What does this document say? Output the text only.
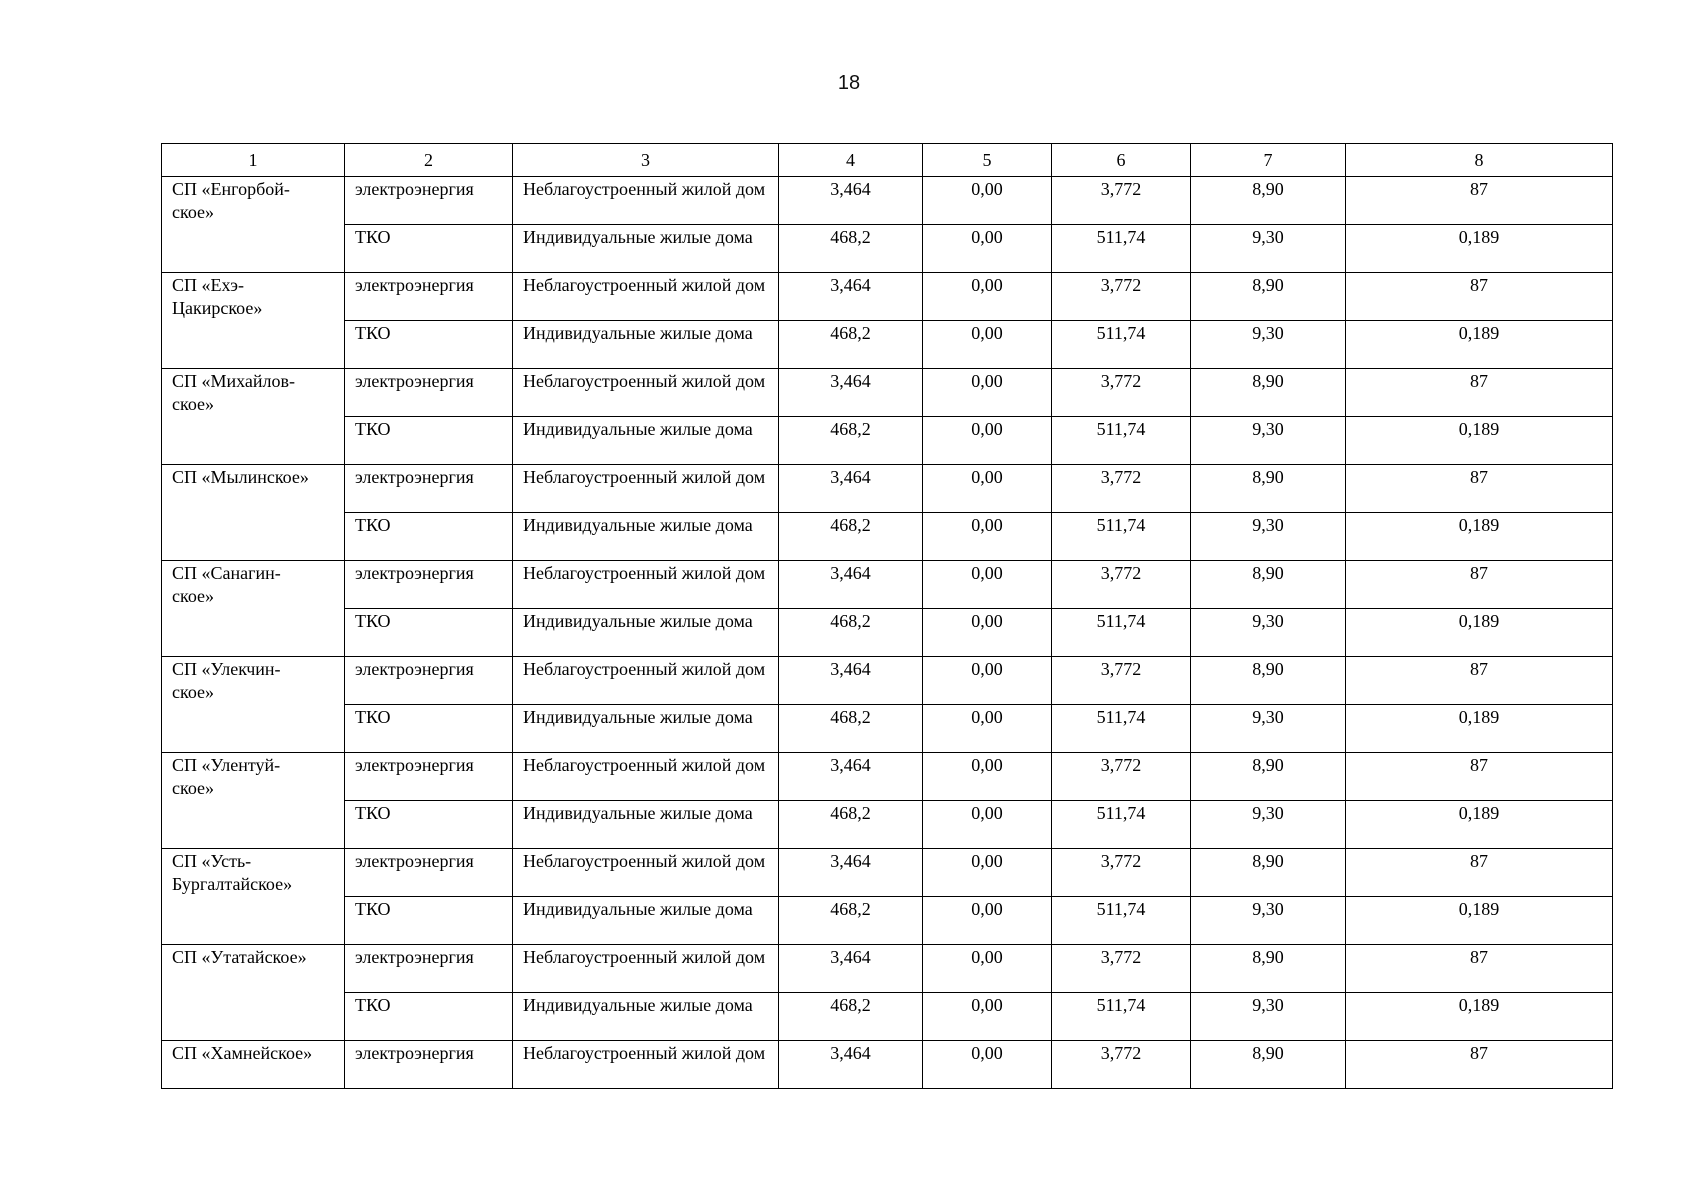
18
1	2	3	4	5	6	7	8
СП «Енгорбой-
ское»	электроэнергия	Неблагоустроенный жилой дом	3,464	0,00	3,772	8,90	87
	ТКО	Индивидуальные жилые дома	468,2	0,00	511,74	9,30	0,189
СП «Ехэ-
Цакирское»	электроэнергия	Неблагоустроенный жилой дом	3,464	0,00	3,772	8,90	87
	ТКО	Индивидуальные жилые дома	468,2	0,00	511,74	9,30	0,189
СП «Михайлов-
ское»	электроэнергия	Неблагоустроенный жилой дом	3,464	0,00	3,772	8,90	87
	ТКО	Индивидуальные жилые дома	468,2	0,00	511,74	9,30	0,189
СП «Мылинское»	электроэнергия	Неблагоустроенный жилой дом	3,464	0,00	3,772	8,90	87
	ТКО	Индивидуальные жилые дома	468,2	0,00	511,74	9,30	0,189
СП «Санагин-
ское»	электроэнергия	Неблагоустроенный жилой дом	3,464	0,00	3,772	8,90	87
	ТКО	Индивидуальные жилые дома	468,2	0,00	511,74	9,30	0,189
СП «Улекчин-
ское»	электроэнергия	Неблагоустроенный жилой дом	3,464	0,00	3,772	8,90	87
	ТКО	Индивидуальные жилые дома	468,2	0,00	511,74	9,30	0,189
СП «Улентуй-
ское»	электроэнергия	Неблагоустроенный жилой дом	3,464	0,00	3,772	8,90	87
	ТКО	Индивидуальные жилые дома	468,2	0,00	511,74	9,30	0,189
СП «Усть-
Бургалтайское»	электроэнергия	Неблагоустроенный жилой дом	3,464	0,00	3,772	8,90	87
	ТКО	Индивидуальные жилые дома	468,2	0,00	511,74	9,30	0,189
СП «Утатайское»	электроэнергия	Неблагоустроенный жилой дом	3,464	0,00	3,772	8,90	87
	ТКО	Индивидуальные жилые дома	468,2	0,00	511,74	9,30	0,189
СП «Хамнейское»	электроэнергия	Неблагоустроенный жилой дом	3,464	0,00	3,772	8,90	87
